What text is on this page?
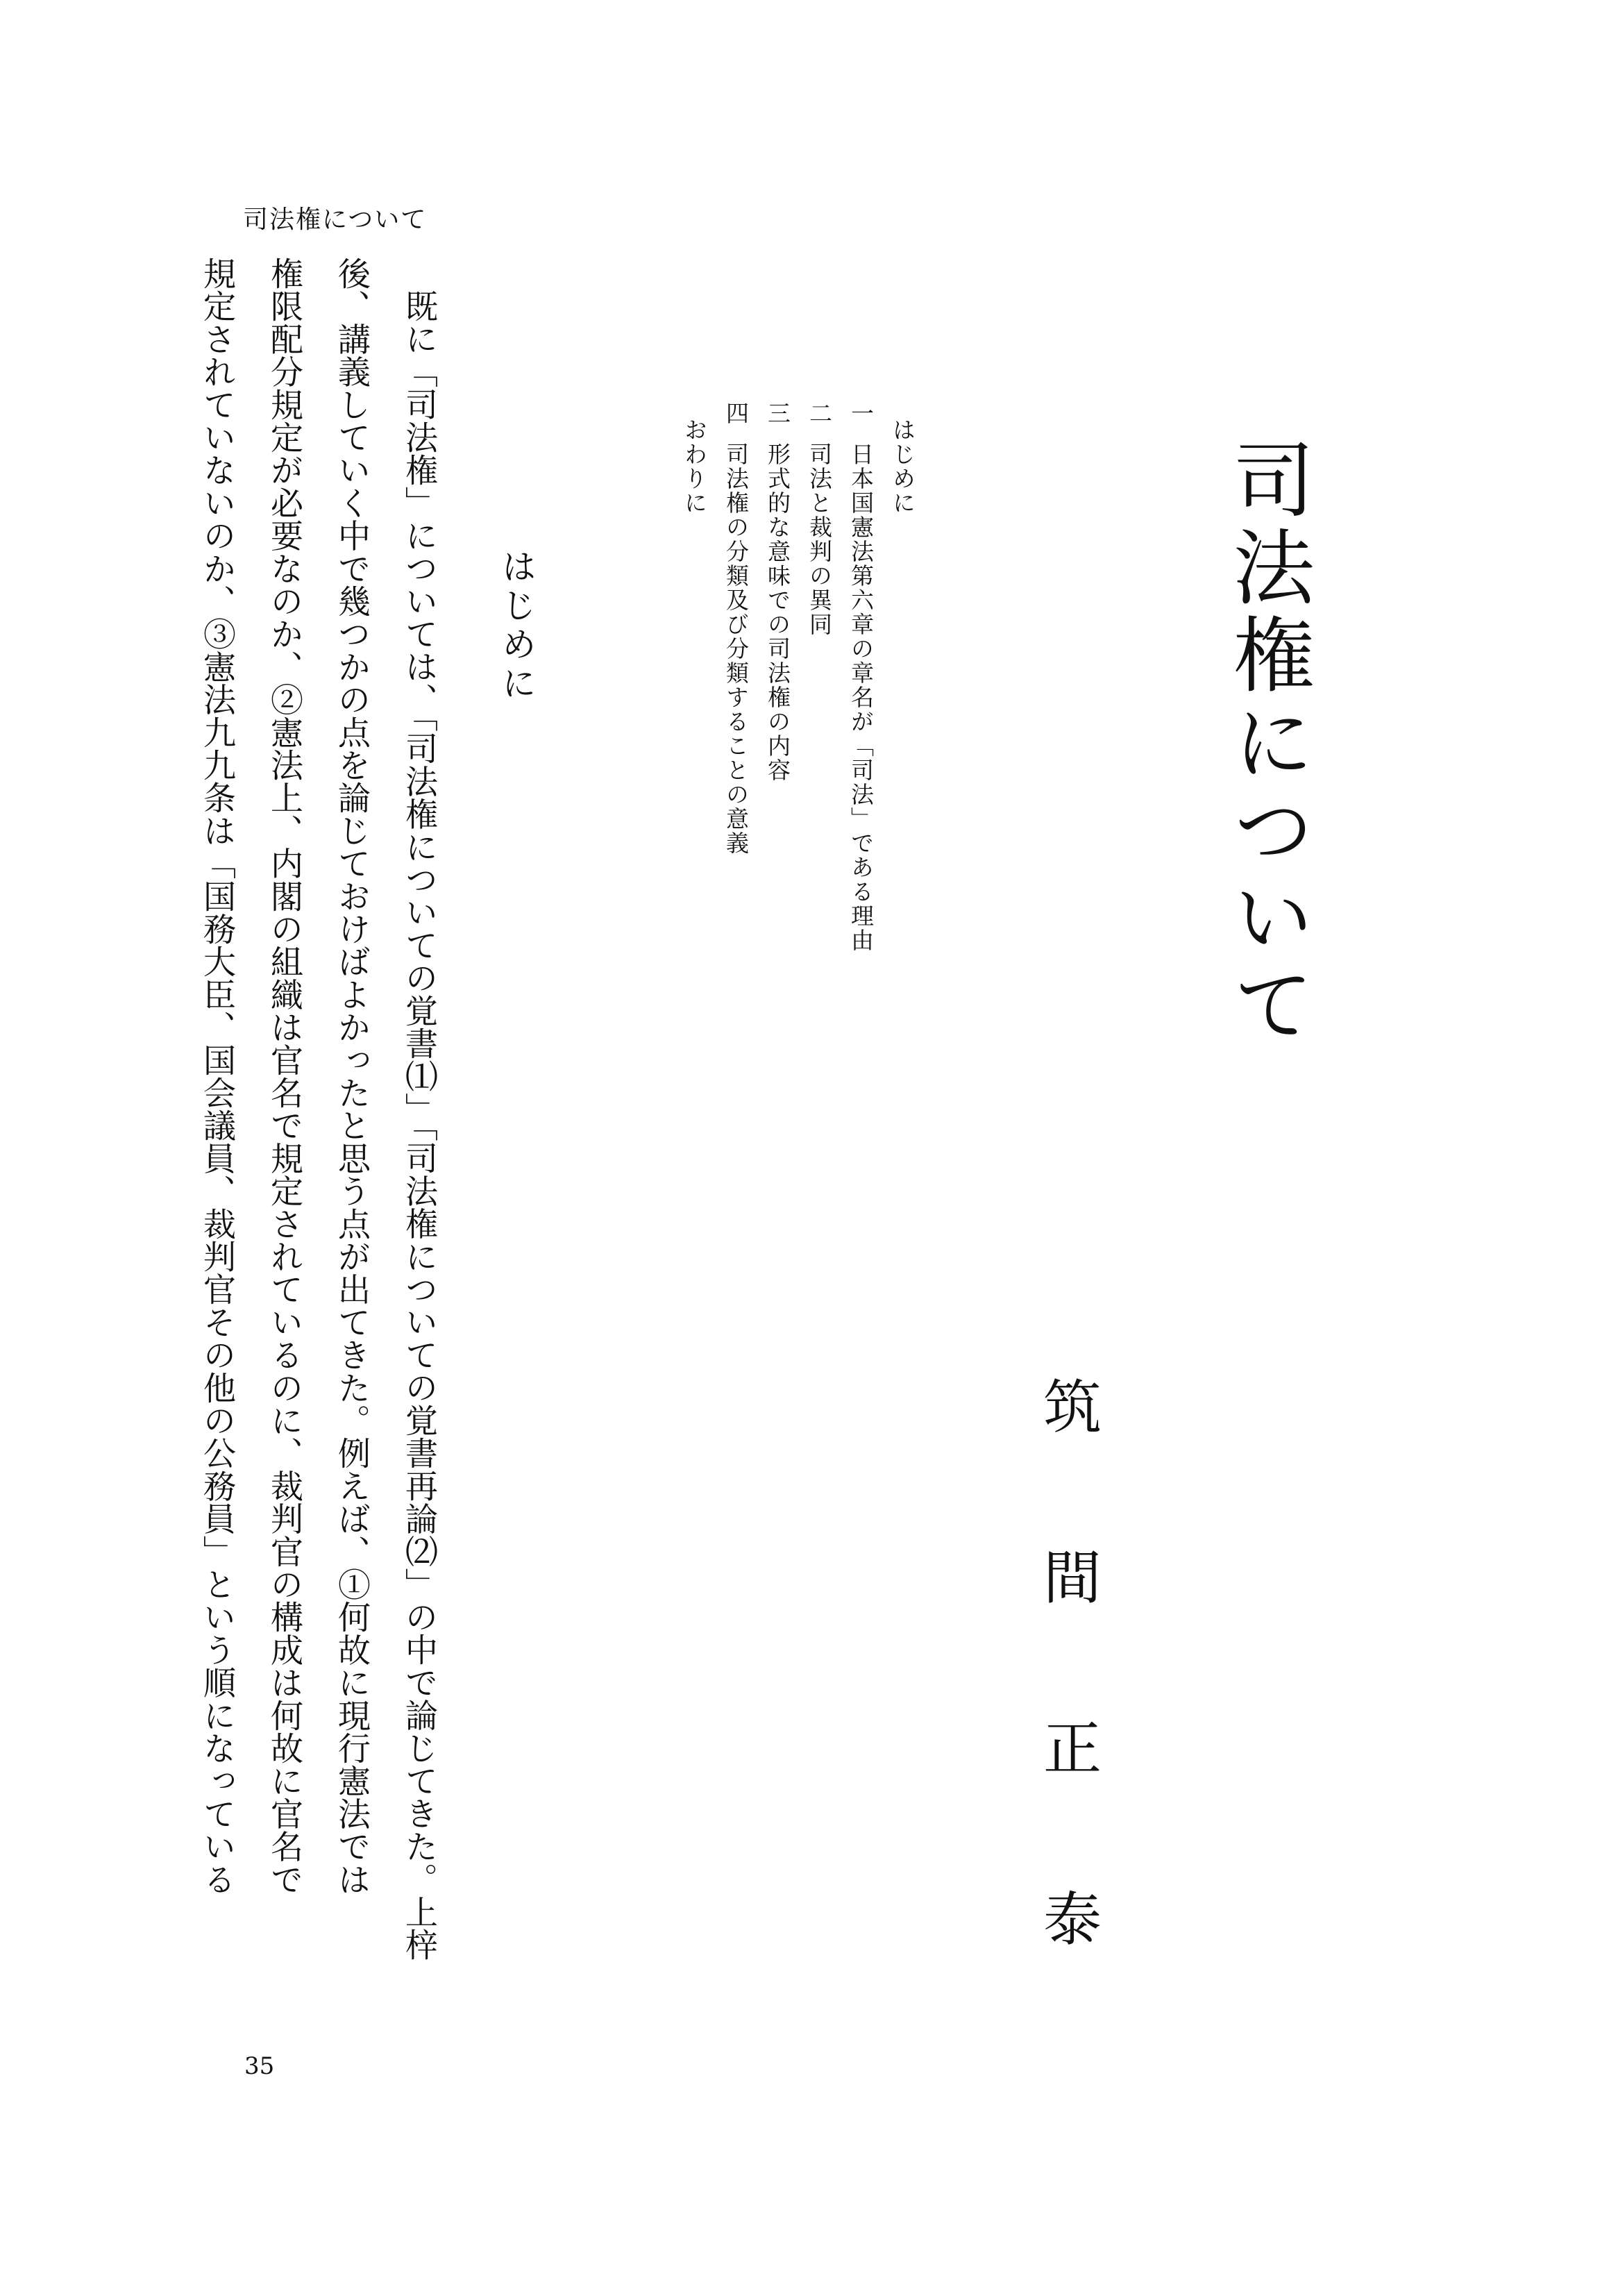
司法権について
司法権について
筑
間
正
泰
はじめに
一日本国憲法第六章の章名が「司法」である理由
二司法と裁判の異同
三形式的な意味での司法権の内容
四司法権の分類及び分類することの意義
おわりに
はじめに
既に「司法権」については、「司法権についての覚書⑴」「司法権についての覚書再論⑵」の中で論じてきた。上梓
後、講義していく中で幾つかの点を論じておけばよかったと思う点が出てきた。例えば、①何故に現行憲法では
権限配分規定が必要なのか、②憲法上、内閣の組織は官名で規定されているのに、裁判官の構成は何故に官名で
規定されていないのか、③憲法九九条は「国務大臣、国会議員、裁判官その他の公務員」という順になっている
35
